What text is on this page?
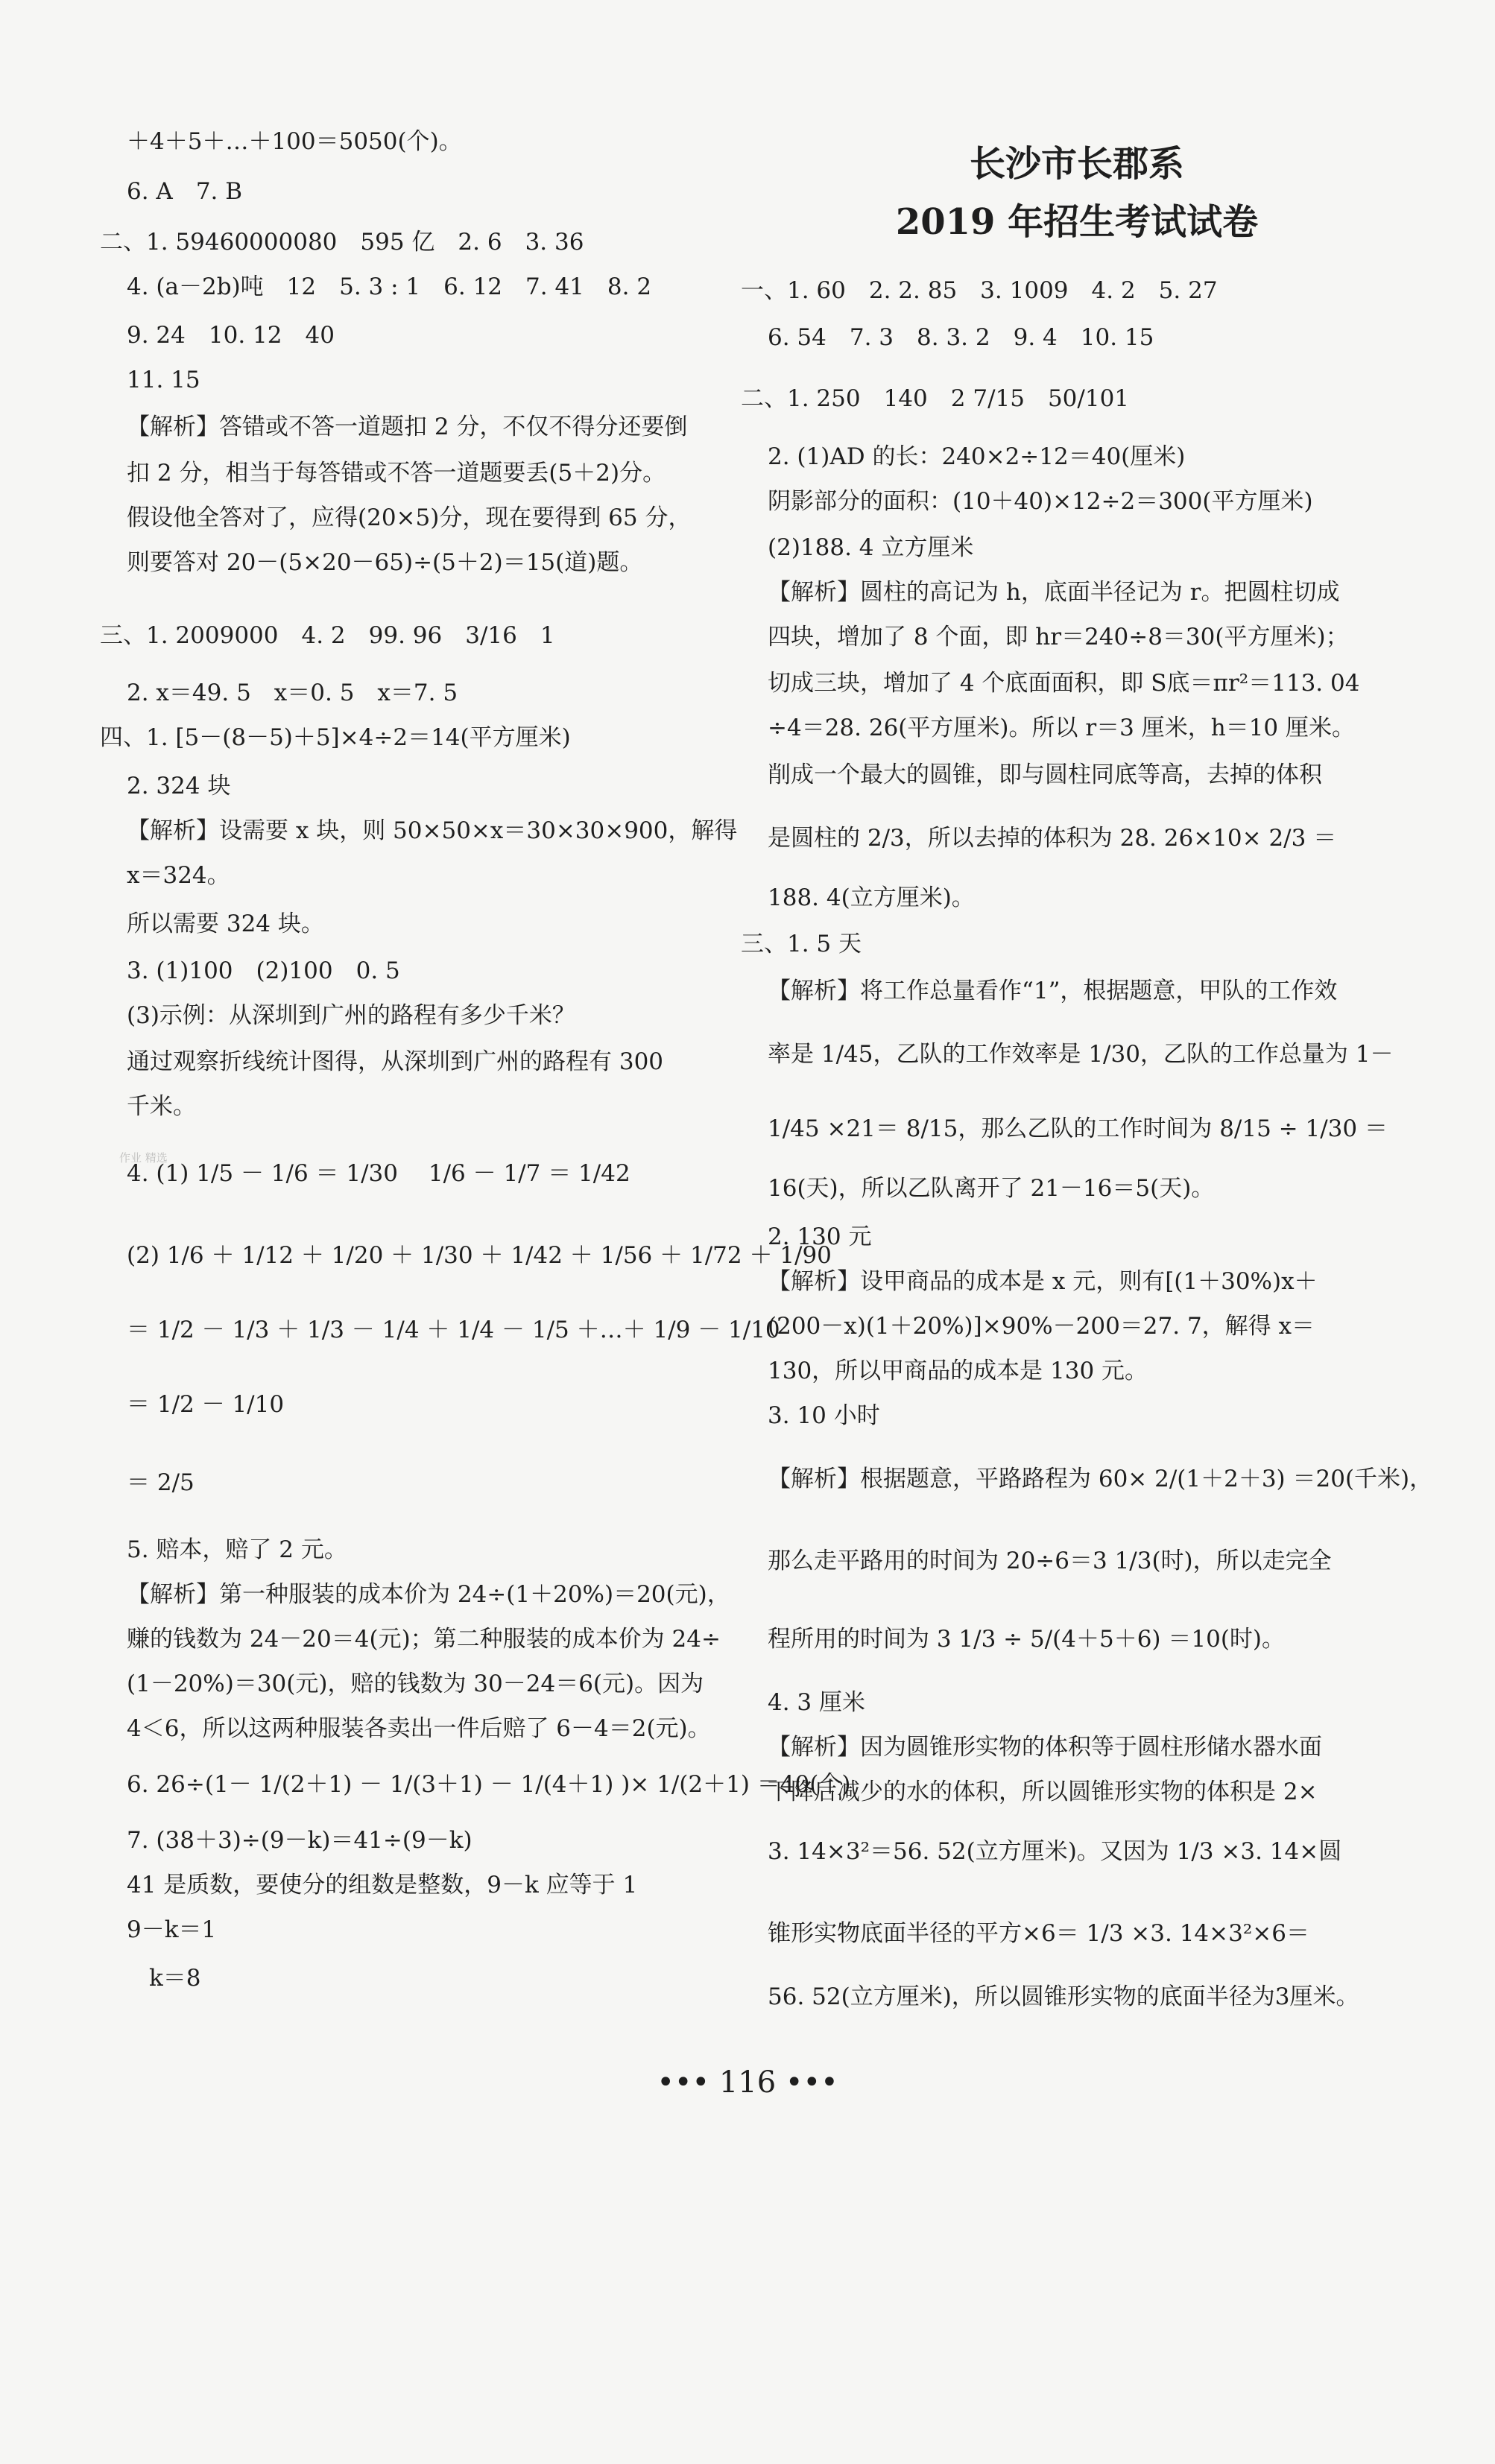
＋4＋5＋…＋100＝5050(个)。
6. A　7. B
二、1. 59460000080　595 亿　2. 6　3. 36
4. (a－2b)吨　12　5. 3 : 1　6. 12　7. 41　8. 2
9. 24　10. 12　40
11. 15
【解析】答错或不答一道题扣 2 分，不仅不得分还要倒
扣 2 分，相当于每答错或不答一道题要丢(5＋2)分。
假设他全答对了，应得(20×5)分，现在要得到 65 分，
则要答对 20－(5×20－65)÷(5＋2)＝15(道)题。
三、1. 2009000　4. 2　99. 96　3/16　1
2. x＝49. 5　x＝0. 5　x＝7. 5
四、1. [5－(8－5)＋5]×4÷2＝14(平方厘米)
2. 324 块
【解析】设需要 x 块，则 50×50×x＝30×30×900，解得
x＝324。
所以需要 324 块。
3. (1)100　(2)100　0. 5
(3)示例：从深圳到广州的路程有多少千米？
通过观察折线统计图得，从深圳到广州的路程有 300
千米。
4. (1) 1/5 － 1/6 ＝ 1/30　 1/6 － 1/7 ＝ 1/42
(2) 1/6 ＋ 1/12 ＋ 1/20 ＋ 1/30 ＋ 1/42 ＋ 1/56 ＋ 1/72 ＋ 1/90
＝ 1/2 － 1/3 ＋ 1/3 － 1/4 ＋ 1/4 － 1/5 ＋…＋ 1/9 － 1/10
＝ 1/2 － 1/10
＝ 2/5
5. 赔本，赔了 2 元。
【解析】第一种服装的成本价为 24÷(1＋20%)＝20(元)，
赚的钱数为 24－20＝4(元)；第二种服装的成本价为 24÷
(1－20%)＝30(元)，赔的钱数为 30－24＝6(元)。因为
4＜6，所以这两种服装各卖出一件后赔了 6－4＝2(元)。
6. 26÷(1－ 1/(2＋1) － 1/(3＋1) － 1/(4＋1) )× 1/(2＋1) ＝40(个)
7. (38＋3)÷(9－k)＝41÷(9－k)
41 是质数，要使分的组数是整数，9－k 应等于 1
9－k＝1
k＝8
长沙市长郡系
2019 年招生考试试卷
一、1. 60　2. 2. 85　3. 1009　4. 2　5. 27
6. 54　7. 3　8. 3. 2　9. 4　10. 15
二、1. 250　140　2 7/15　50/101
2. (1)AD 的长：240×2÷12＝40(厘米)
阴影部分的面积：(10＋40)×12÷2＝300(平方厘米)
(2)188. 4 立方厘米
【解析】圆柱的高记为 h，底面半径记为 r。把圆柱切成
四块，增加了 8 个面，即 hr＝240÷8＝30(平方厘米)；
切成三块，增加了 4 个底面面积，即 S底＝πr²＝113. 04
÷4＝28. 26(平方厘米)。所以 r＝3 厘米，h＝10 厘米。
削成一个最大的圆锥，即与圆柱同底等高，去掉的体积
是圆柱的 2/3，所以去掉的体积为 28. 26×10× 2/3 ＝
188. 4(立方厘米)。
三、1. 5 天
【解析】将工作总量看作“1”，根据题意，甲队的工作效
率是 1/45，乙队的工作效率是 1/30，乙队的工作总量为 1－
1/45 ×21＝ 8/15，那么乙队的工作时间为 8/15 ÷ 1/30 ＝
16(天)，所以乙队离开了 21－16＝5(天)。
2. 130 元
【解析】设甲商品的成本是 x 元，则有[(1＋30%)x＋
(200－x)(1＋20%)]×90%－200＝27. 7，解得 x＝
130，所以甲商品的成本是 130 元。
3. 10 小时
【解析】根据题意，平路路程为 60× 2/(1＋2＋3) ＝20(千米)，
那么走平路用的时间为 20÷6＝3 1/3(时)，所以走完全
程所用的时间为 3 1/3 ÷ 5/(4＋5＋6) ＝10(时)。
4. 3 厘米
【解析】因为圆锥形实物的体积等于圆柱形储水器水面
下降后减少的水的体积，所以圆锥形实物的体积是 2×
3. 14×3²＝56. 52(立方厘米)。又因为 1/3 ×3. 14×圆
锥形实物底面半径的平方×6＝ 1/3 ×3. 14×3²×6＝
56. 52(立方厘米)，所以圆锥形实物的底面半径为3厘米。
作业 精选
••• 116 •••
